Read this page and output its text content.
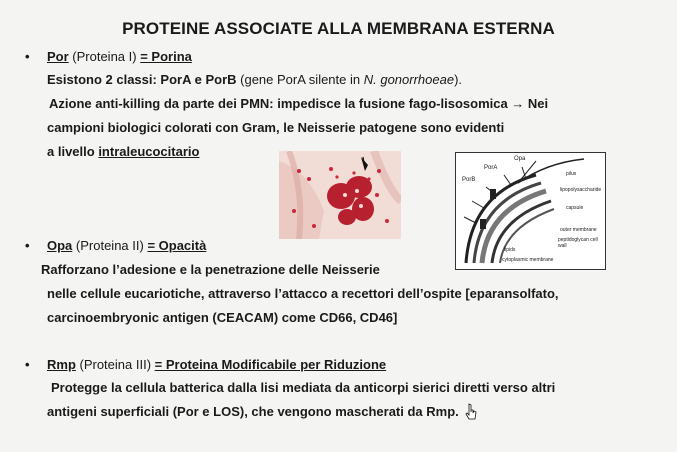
PROTEINE ASSOCIATE ALLA MEMBRANA ESTERNA
• Por (Proteina I) = Porina
Esistono 2 classi: PorA e PorB (gene PorA silente in N. gonorrhoeae).
Azione anti-killing da parte dei PMN: impedisce la fusione fago-lisosomica → Nei
campioni biologici colorati con Gram, le Neisserie patogene sono evidenti
a livello intraleucocitario	Opa
PorA
PorB
pilus
lipopolysaccharide
capsule
outer membrane
peptidoglycan cell wall
lipids
cytoplasmic membrane
• Opa (Proteina II) = Opacità
Rafforzano l’adesione e la penetrazione delle Neisserie
nelle cellule eucariotiche, attraverso l’attacco a recettori dell’ospite [eparansolfato,
carcinoembryonic antigen (CEACAM) come CD66, CD46]
• Rmp (Proteina III) = Proteina Modificabile per Riduzione
Protegge la cellula batterica dalla lisi mediata da anticorpi sierici diretti verso altri
antigeni superficiali (Por e LOS), che vengono mascherati da Rmp.
